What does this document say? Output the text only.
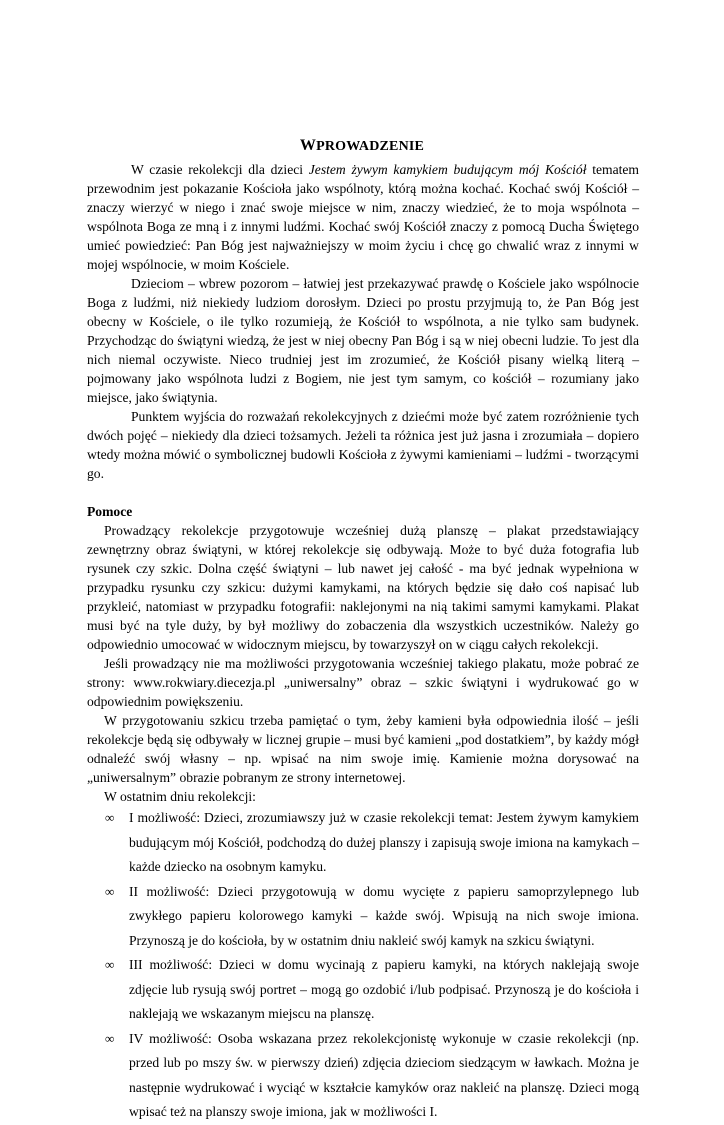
WPROWADZENIE

W czasie rekolekcji dla dzieci Jestem żywym kamykiem budującym mój Kościół tematem przewodnim jest pokazanie Kościoła jako wspólnoty, którą można kochać. Kochać swój Kościół – znaczy wierzyć w niego i znać swoje miejsce w nim, znaczy wiedzieć, że to moja wspólnota – wspólnota Boga ze mną i z innymi ludźmi. Kochać swój Kościół znaczy z pomocą Ducha Świętego umieć powiedzieć: Pan Bóg jest najważniejszy w moim życiu i chcę go chwalić wraz z innymi w mojej wspólnocie, w moim Kościele.

Dzieciom – wbrew pozorom – łatwiej jest przekazywać prawdę o Kościele jako wspólnocie Boga z ludźmi, niż niekiedy ludziom dorosłym. Dzieci po prostu przyjmują to, że Pan Bóg jest obecny w Kościele, o ile tylko rozumieją, że Kościół to wspólnota, a nie tylko sam budynek. Przychodząc do świątyni wiedzą, że jest w niej obecny Pan Bóg i są w niej obecni ludzie. To jest dla nich niemal oczywiste. Nieco trudniej jest im zrozumieć, że Kościół pisany wielką literą – pojmowany jako wspólnota ludzi z Bogiem, nie jest tym samym, co kościół – rozumiany jako miejsce, jako świątynia.

Punktem wyjścia do rozważań rekolekcyjnych z dziećmi może być zatem rozróżnienie tych dwóch pojęć – niekiedy dla dzieci tożsamych. Jeżeli ta różnica jest już jasna i zrozumiała – dopiero wtedy można mówić o symbolicznej budowli Kościoła z żywymi kamieniami – ludźmi - tworzącymi go.

Pomoce

Prowadzący rekolekcje przygotowuje wcześniej dużą planszę – plakat przedstawiający zewnętrzny obraz świątyni, w której rekolekcje się odbywają. Może to być duża fotografia lub rysunek czy szkic. Dolna część świątyni – lub nawet jej całość - ma być jednak wypełniona w przypadku rysunku czy szkicu: dużymi kamykami, na których będzie się dało coś napisać lub przykleić, natomiast w przypadku fotografii: naklejonymi na nią takimi samymi kamykami. Plakat musi być na tyle duży, by był możliwy do zobaczenia dla wszystkich uczestników. Należy go odpowiednio umocować w widocznym miejscu, by towarzyszył on w ciągu całych rekolekcji.

Jeśli prowadzący nie ma możliwości przygotowania wcześniej takiego plakatu, może pobrać ze strony: www.rokwiary.diecezja.pl „uniwersalny” obraz – szkic świątyni i wydrukować go w odpowiednim powiększeniu.

W przygotowaniu szkicu trzeba pamiętać o tym, żeby kamieni była odpowiednia ilość – jeśli rekolekcje będą się odbywały w licznej grupie – musi być kamieni „pod dostatkiem”, by każdy mógł odnaleźć swój własny – np. wpisać na nim swoje imię. Kamienie można dorysować na „uniwersalnym” obrazie pobranym ze strony internetowej.

W ostatnim dniu rekolekcji:

∞ I możliwość: Dzieci, zrozumiawszy już w czasie rekolekcji temat: Jestem żywym kamykiem budującym mój Kościół, podchodzą do dużej planszy i zapisują swoje imiona na kamykach – każde dziecko na osobnym kamyku.
∞ II możliwość: Dzieci przygotowują w domu wycięte z papieru samoprzylepnego lub zwykłego papieru kolorowego kamyki – każde swój. Wpisują na nich swoje imiona. Przynoszą je do kościoła, by w ostatnim dniu nakleić swój kamyk na szkicu świątyni.
∞ III możliwość: Dzieci w domu wycinają z papieru kamyki, na których naklejają swoje zdjęcie lub rysują swój portret – mogą go ozdobić i/lub podpisać. Przynoszą je do kościoła i naklejają we wskazanym miejscu na planszę.
∞ IV możliwość: Osoba wskazana przez rekolekcjonistę wykonuje w czasie rekolekcji (np. przed lub po mszy św. w pierwszy dzień) zdjęcia dzieciom siedzącym w ławkach. Można je następnie wydrukować i wyciąć w kształcie kamyków oraz nakleić na planszę. Dzieci mogą wpisać też na planszy swoje imiona, jak w możliwości I.
